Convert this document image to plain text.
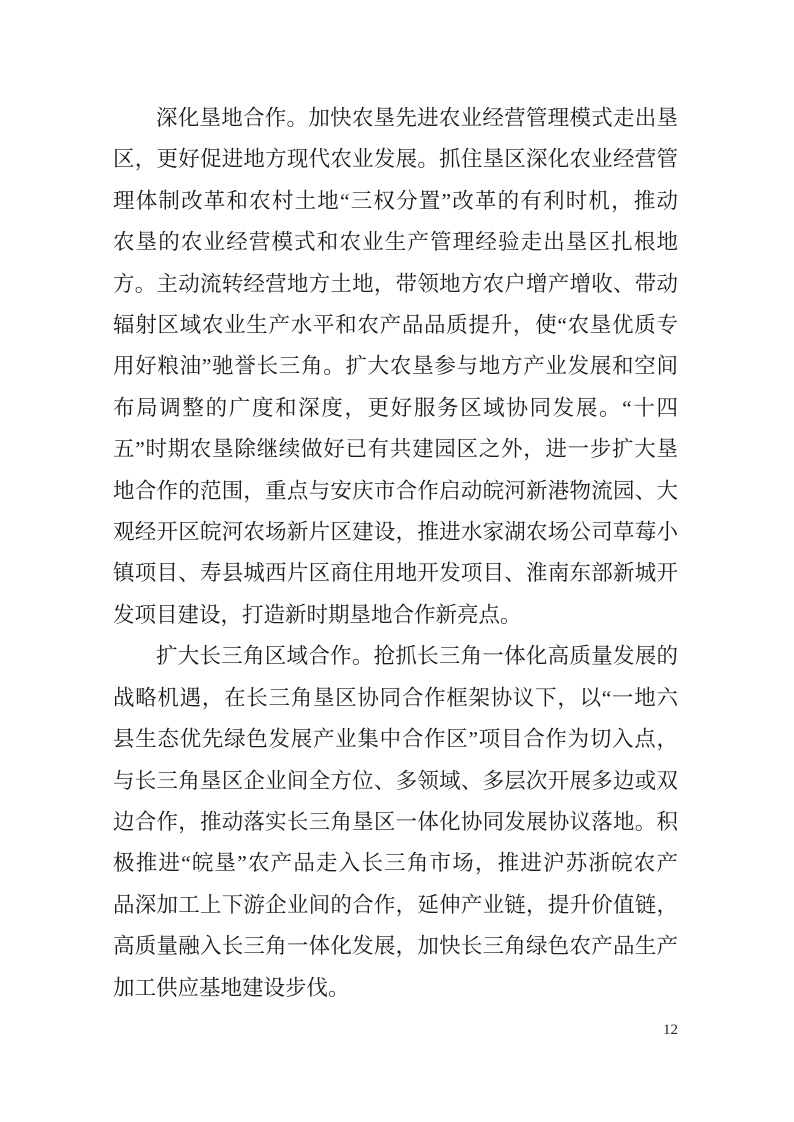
深化垦地合作。加快农垦先进农业经营管理模式走出垦
区，更好促进地方现代农业发展。抓住垦区深化农业经营管
理体制改革和农村土地“三权分置”改革的有利时机，推动
农垦的农业经营模式和农业生产管理经验走出垦区扎根地
方。主动流转经营地方土地，带领地方农户增产增收、带动
辐射区域农业生产水平和农产品品质提升，使“农垦优质专
用好粮油”驰誉长三角。扩大农垦参与地方产业发展和空间
布局调整的广度和深度，更好服务区域协同发展。“十四
五”时期农垦除继续做好已有共建园区之外，进一步扩大垦
地合作的范围，重点与安庆市合作启动皖河新港物流园、大
观经开区皖河农场新片区建设，推进水家湖农场公司草莓小
镇项目、寿县城西片区商住用地开发项目、淮南东部新城开
发项目建设，打造新时期垦地合作新亮点。
扩大长三角区域合作。抢抓长三角一体化高质量发展的
战略机遇，在长三角垦区协同合作框架协议下，以“一地六
县生态优先绿色发展产业集中合作区”项目合作为切入点，
与长三角垦区企业间全方位、多领域、多层次开展多边或双
边合作，推动落实长三角垦区一体化协同发展协议落地。积
极推进“皖垦”农产品走入长三角市场，推进沪苏浙皖农产
品深加工上下游企业间的合作，延伸产业链，提升价值链，
高质量融入长三角一体化发展，加快长三角绿色农产品生产
加工供应基地建设步伐。
12
